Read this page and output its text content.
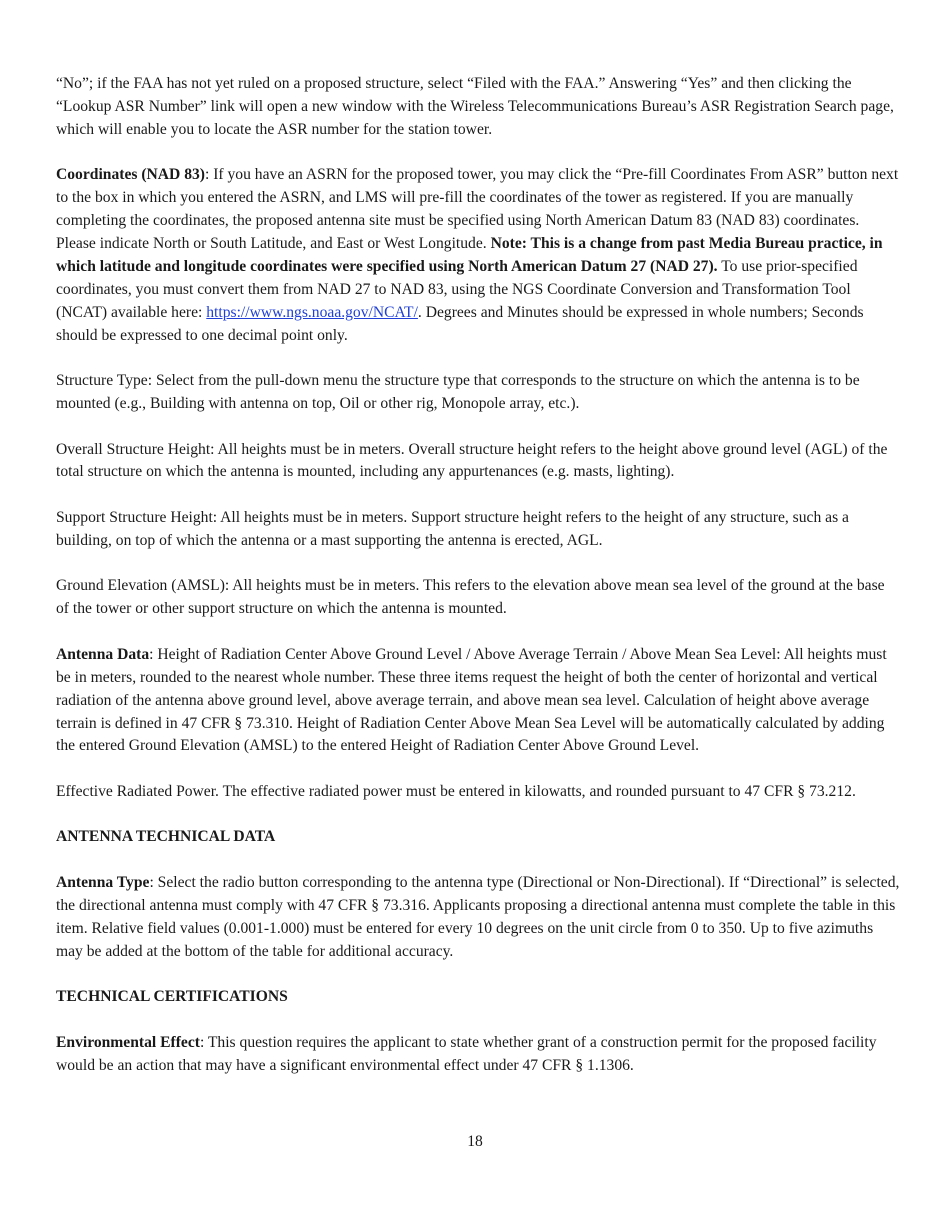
“No”; if the FAA has not yet ruled on a proposed structure, select “Filed with the FAA.” Answering “Yes” and then clicking the “Lookup ASR Number” link will open a new window with the Wireless Telecommunications Bureau’s ASR Registration Search page, which will enable you to locate the ASR number for the station tower.

Coordinates (NAD 83): If you have an ASRN for the proposed tower, you may click the “Pre-fill Coordinates From ASR” button next to the box in which you entered the ASRN, and LMS will pre-fill the coordinates of the tower as registered. If you are manually completing the coordinates, the proposed antenna site must be specified using North American Datum 83 (NAD 83) coordinates. Please indicate North or South Latitude, and East or West Longitude. Note: This is a change from past Media Bureau practice, in which latitude and longitude coordinates were specified using North American Datum 27 (NAD 27). To use prior-specified coordinates, you must convert them from NAD 27 to NAD 83, using the NGS Coordinate Conversion and Transformation Tool (NCAT) available here: https://www.ngs.noaa.gov/NCAT/. Degrees and Minutes should be expressed in whole numbers; Seconds should be expressed to one decimal point only.

Structure Type: Select from the pull-down menu the structure type that corresponds to the structure on which the antenna is to be mounted (e.g., Building with antenna on top, Oil or other rig, Monopole array, etc.).

Overall Structure Height: All heights must be in meters. Overall structure height refers to the height above ground level (AGL) of the total structure on which the antenna is mounted, including any appurtenances (e.g. masts, lighting).

Support Structure Height: All heights must be in meters. Support structure height refers to the height of any structure, such as a building, on top of which the antenna or a mast supporting the antenna is erected, AGL.

Ground Elevation (AMSL): All heights must be in meters. This refers to the elevation above mean sea level of the ground at the base of the tower or other support structure on which the antenna is mounted.

Antenna Data: Height of Radiation Center Above Ground Level / Above Average Terrain / Above Mean Sea Level: All heights must be in meters, rounded to the nearest whole number. These three items request the height of both the center of horizontal and vertical radiation of the antenna above ground level, above average terrain, and above mean sea level. Calculation of height above average terrain is defined in 47 CFR § 73.310. Height of Radiation Center Above Mean Sea Level will be automatically calculated by adding the entered Ground Elevation (AMSL) to the entered Height of Radiation Center Above Ground Level.

Effective Radiated Power. The effective radiated power must be entered in kilowatts, and rounded pursuant to 47 CFR § 73.212.

ANTENNA TECHNICAL DATA

Antenna Type: Select the radio button corresponding to the antenna type (Directional or Non-Directional). If “Directional” is selected, the directional antenna must comply with 47 CFR § 73.316. Applicants proposing a directional antenna must complete the table in this item. Relative field values (0.001-1.000) must be entered for every 10 degrees on the unit circle from 0 to 350. Up to five azimuths may be added at the bottom of the table for additional accuracy.

TECHNICAL CERTIFICATIONS

Environmental Effect: This question requires the applicant to state whether grant of a construction permit for the proposed facility would be an action that may have a significant environmental effect under 47 CFR § 1.1306.

18
